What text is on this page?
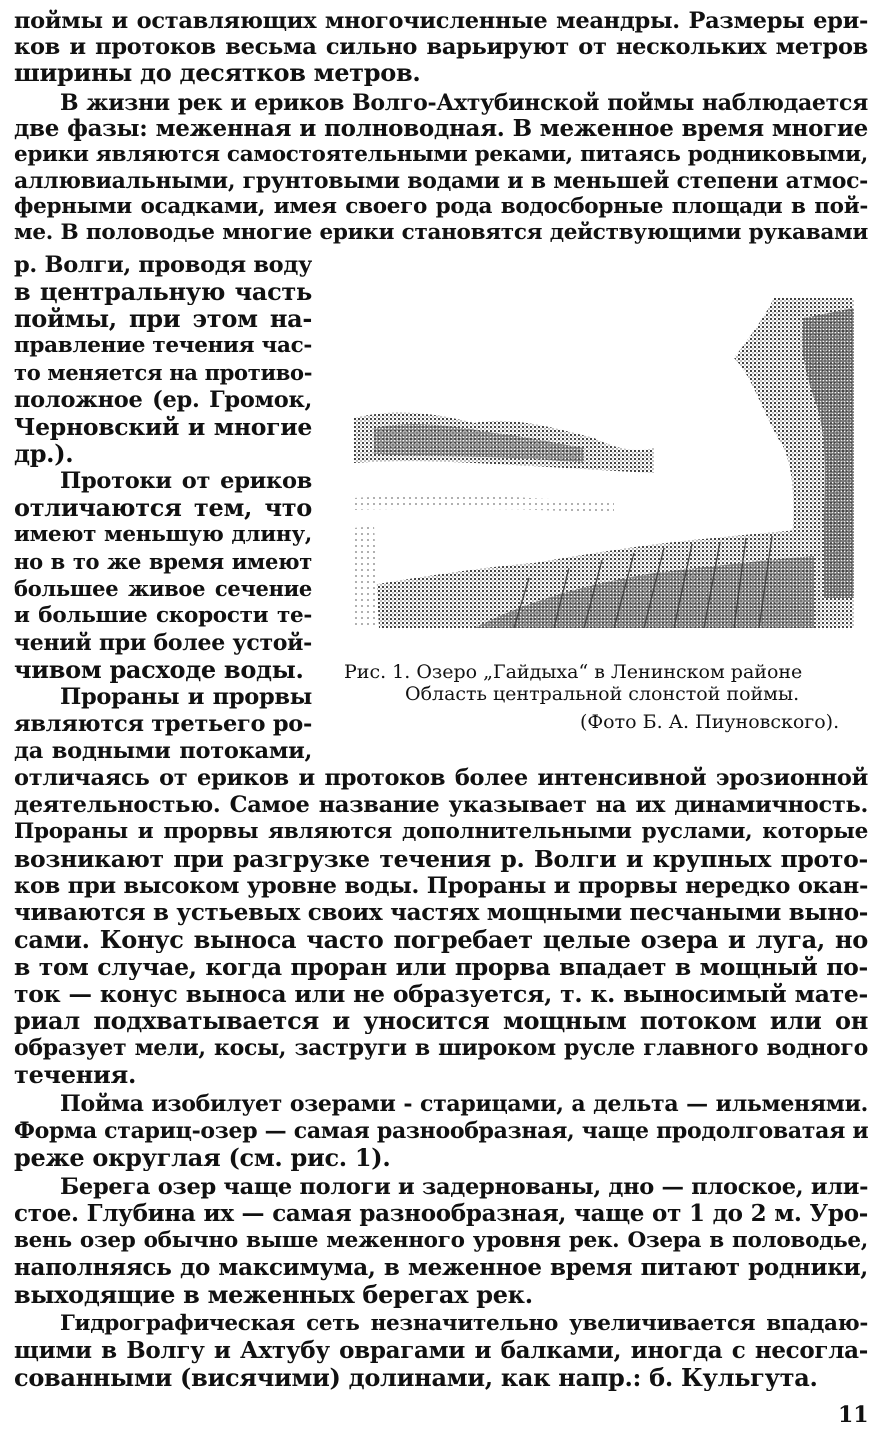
поймы и оставляющих многочисленные меандры. Размеры ери-
ков и протоков весьма сильно варьируют от нескольких метров
ширины до десятков метров.
В жизни рек и ериков Волго-Ахтубинской поймы наблюдается
две фазы: меженная и полноводная. В меженное время многие
ерики являются самостоятельными реками, питаясь родниковыми,
аллювиальными, грунтовыми водами и в меньшей степени атмос-
ферными осадками, имея своего рода водосборные площади в пой-
ме. В половодье многие ерики становятся действующими рукавами
р. Волги, проводя воду
в центральную часть
поймы, при этом на-
правление течения час-
то меняется на противо-
положное (ер. Громок,
Черновский и многие
др.).
Протоки от ериков
отличаются тем, что
имеют меньшую длину,
но в то же время имеют
большее живое сечение
и большие скорости те-
чений при более устой-
чивом расходе воды.
Прораны и прорвы
являются третьего ро-
да водными потоками,
Рис. 1. Озеро „Гайдыха“ в Ленинском районе
Область центральной слонстой поймы.
(Фото Б. А. Пиуновского).
отличаясь от ериков и протоков более интенсивной эрозионной
деятельностью. Самое название указывает на их динамичность.
Прораны и прорвы являются дополнительными руслами, которые
возникают при разгрузке течения р. Волги и крупных прото-
ков при высоком уровне воды. Прораны и прорвы нередко окан-
чиваются в устьевых своих частях мощными песчаными выно-
сами. Конус выноса часто погребает целые озера и луга, но
в том случае, когда проран или прорва впадает в мощный по-
ток — конус выноса или не образуется, т. к. выносимый мате-
риал подхватывается и уносится мощным потоком или он
образует мели, косы, заструги в широком русле главного водного
течения.
Пойма изобилует озерами - старицами, а дельта — ильменями.
Форма стариц-озер — самая разнообразная, чаще продолговатая и
реже округлая (см. рис. 1).
Берега озер чаще пологи и задернованы, дно — плоское, или-
стое. Глубина их — самая разнообразная, чаще от 1 до 2 м. Уро-
вень озер обычно выше меженного уровня рек. Озера в половодье,
наполняясь до максимума, в меженное время питают родники,
выходящие в меженных берегах рек.
Гидрографическая сеть незначительно увеличивается впадаю-
щими в Волгу и Ахтубу оврагами и балками, иногда с несогла-
сованными (висячими) долинами, как напр.: б. Кульгута.
11
